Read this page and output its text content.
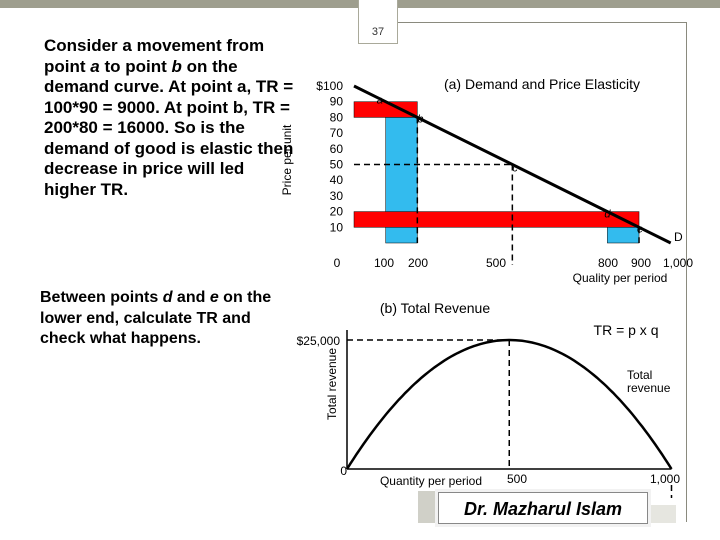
37
Consider a movement from point a to point b on the demand curve. At point a, TR = 100*90 = 9000. At point b, TR = 200*80 = 16000. So is the demand of good is elastic then decrease in price will led higher TR.
Between points d and e on the lower end, calculate TR and check what happens.
(a) Demand and Price Elasticity
Price per unit
Quality per period
$100
90
80
70
60
50
40
30
20
10
0	100 200	500	800 900 1,000
D
a
b
c
d
e
(b) Total Revenue
TR = p x q
Total revenue
Quantity per period
Total
revenue
$25,000
0
500	1,000
Dr. Mazharul Islam
